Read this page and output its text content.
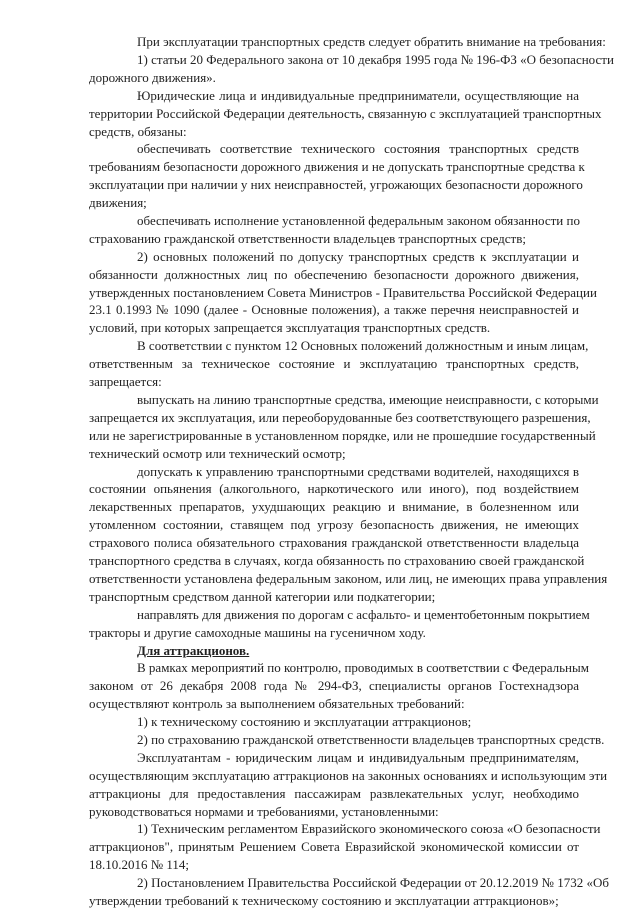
При эксплуатации транспортных средств следует обратить внимание на требования:
1) статьи 20 Федерального закона от 10 декабря 1995 года № 196-ФЗ «О безопасности
дорожного движения».
Юридические лица и индивидуальные предприниматели, осуществляющие на
территории Российской Федерации деятельность, связанную с эксплуатацией транспортных
средств, обязаны:
обеспечивать соответствие технического состояния транспортных средств
требованиям безопасности дорожного движения и не допускать транспортные средства к
эксплуатации при наличии у них неисправностей, угрожающих безопасности дорожного
движения;
обеспечивать исполнение установленной федеральным законом обязанности по
страхованию гражданской ответственности владельцев транспортных средств;
2) основных положений по допуску транспортных средств к эксплуатации и
обязанности должностных лиц по обеспечению безопасности дорожного движения,
утвержденных постановлением Совета Министров - Правительства Российской Федерации
23.1 0.1993 № 1090 (далее - Основные положения), а также перечня неисправностей и
условий, при которых запрещается эксплуатация транспортных средств.
В соответствии с пунктом 12 Основных положений должностным и иным лицам,
ответственным за техническое состояние и эксплуатацию транспортных средств,
запрещается:
выпускать на линию транспортные средства, имеющие неисправности, с которыми
запрещается их эксплуатация, или переоборудованные без соответствующего разрешения,
или не зарегистрированные в установленном порядке, или не прошедшие государственный
технический осмотр или технический осмотр;
допускать к управлению транспортными средствами водителей, находящихся в
состоянии опьянения (алкогольного, наркотического или иного), под воздействием
лекарственных препаратов, ухудшающих реакцию и внимание, в болезненном или
утомленном состоянии, ставящем под угрозу безопасность движения, не имеющих
страхового полиса обязательного страхования гражданской ответственности владельца
транспортного средства в случаях, когда обязанность по страхованию своей гражданской
ответственности установлена федеральным законом, или лиц, не имеющих права управления
транспортным средством данной категории или подкатегории;
направлять для движения по дорогам с асфальто- и цементобетонным покрытием
тракторы и другие самоходные машины на гусеничном ходу.
Для аттракционов.
В рамках мероприятий по контролю, проводимых в соответствии с Федеральным
законом от 26 декабря 2008 года № 294-ФЗ, специалисты органов Гостехнадзора
осуществляют контроль за выполнением обязательных требований:
1) к техническому состоянию и эксплуатации аттракционов;
2) по страхованию гражданской ответственности владельцев транспортных средств.
Эксплуатантам - юридическим лицам и индивидуальным предпринимателям,
осуществляющим эксплуатацию аттракционов на законных основаниях и использующим эти
аттракционы для предоставления пассажирам развлекательных услуг, необходимо
руководствоваться нормами и требованиями, установленными:
1) Техническим регламентом Евразийского экономического союза «О безопасности
аттракционов", принятым Решением Совета Евразийской экономической комиссии от
18.10.2016 № 114;
2) Постановлением Правительства Российской Федерации от 20.12.2019 № 1732 «Об
утверждении требований к техническому состоянию и эксплуатации аттракционов»;
